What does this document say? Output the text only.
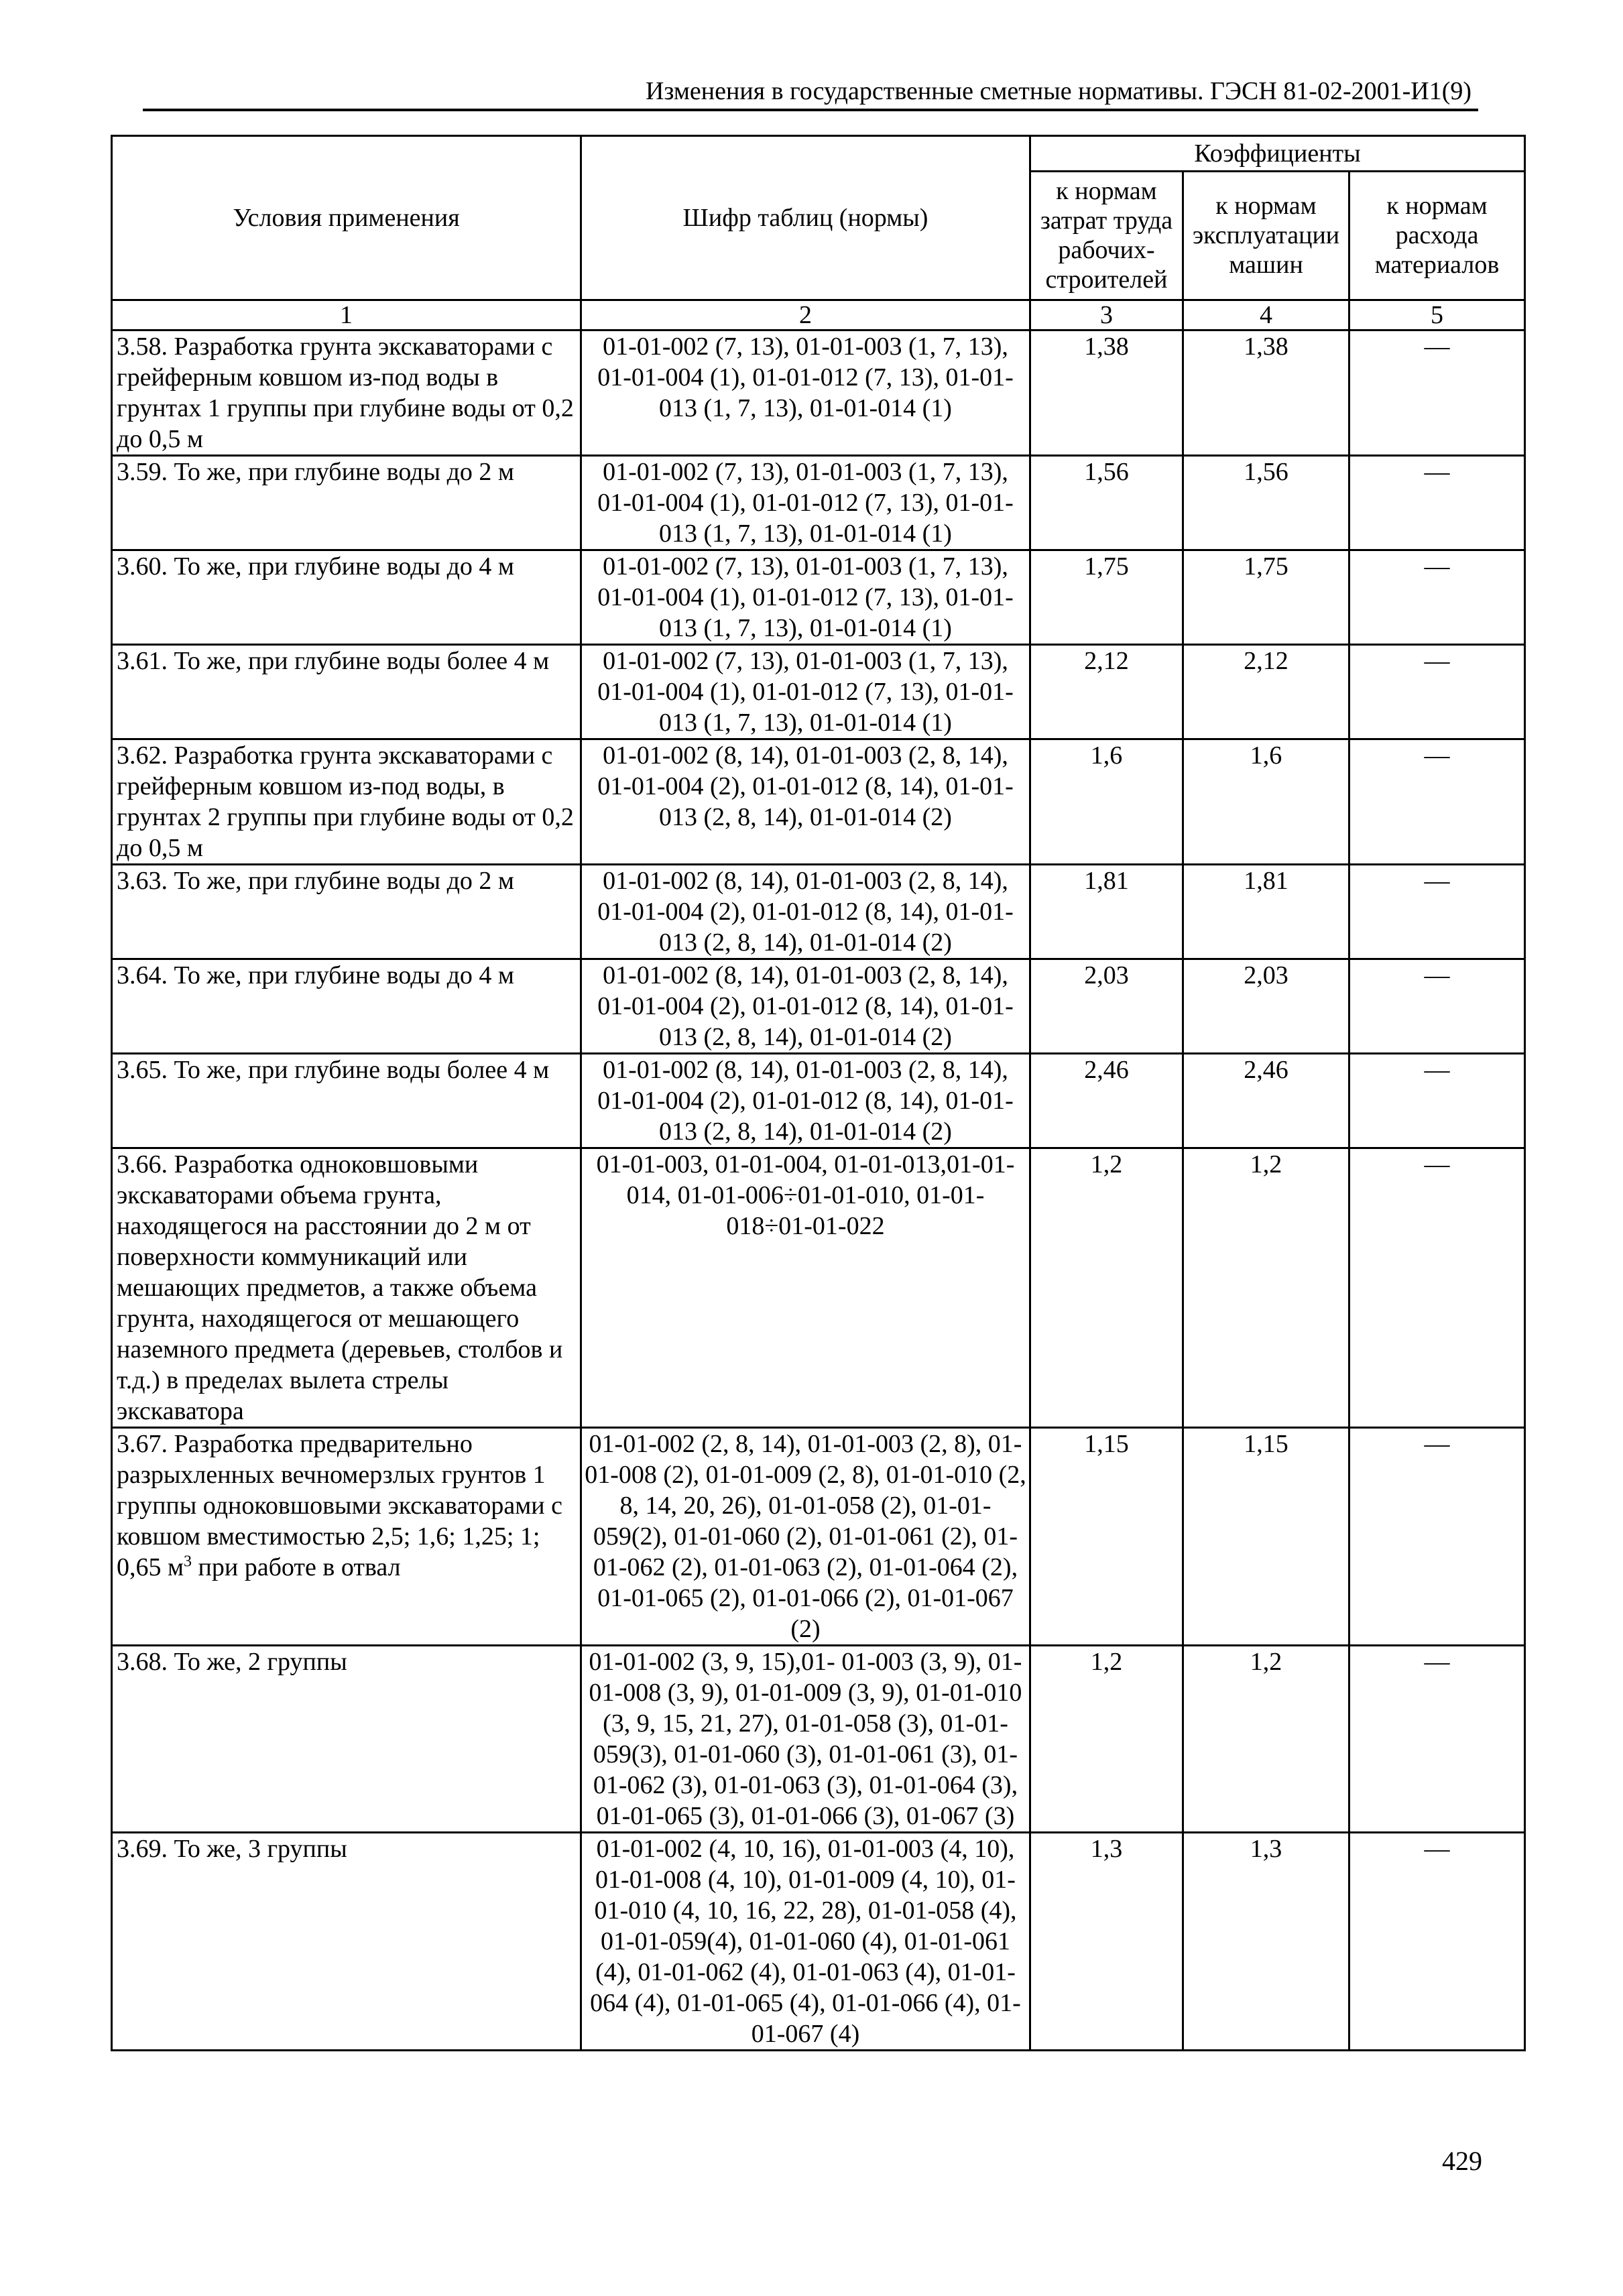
Изменения в государственные сметные нормативы. ГЭСН 81-02-2001-И1(9)
Условия применения	Шифр таблиц (нормы)	Коэффициенты		
		к нормам затрат труда рабочих-строителей	к нормам эксплуатации машин	к нормам расхода материалов
1	2	3	4	5
3.58. Разработка грунта экскаваторами с грейферным ковшом из-под воды в грунтах 1 группы при глубине воды от 0,2 до 0,5 м	01-01-002 (7, 13), 01-01-003 (1, 7, 13), 01-01-004 (1), 01-01-012 (7, 13), 01-01-013 (1, 7, 13), 01-01-014 (1)	1,38	1,38	—
3.59. То же, при глубине воды до 2 м	01-01-002 (7, 13), 01-01-003 (1, 7, 13), 01-01-004 (1), 01-01-012 (7, 13), 01-01-013 (1, 7, 13), 01-01-014 (1)	1,56	1,56	—
3.60. То же, при глубине воды до 4 м	01-01-002 (7, 13), 01-01-003 (1, 7, 13), 01-01-004 (1), 01-01-012 (7, 13), 01-01-013 (1, 7, 13), 01-01-014 (1)	1,75	1,75	—
3.61. То же, при глубине воды более 4 м	01-01-002 (7, 13), 01-01-003 (1, 7, 13), 01-01-004 (1), 01-01-012 (7, 13), 01-01-013 (1, 7, 13), 01-01-014 (1)	2,12	2,12	—
3.62. Разработка грунта экскаваторами с грейферным ковшом из-под воды, в грунтах 2 группы при глубине воды от 0,2 до 0,5 м	01-01-002 (8, 14), 01-01-003 (2, 8, 14), 01-01-004 (2), 01-01-012 (8, 14), 01-01-013 (2, 8, 14), 01-01-014 (2)	1,6	1,6	—
3.63. То же, при глубине воды до 2 м	01-01-002 (8, 14), 01-01-003 (2, 8, 14), 01-01-004 (2), 01-01-012 (8, 14), 01-01-013 (2, 8, 14), 01-01-014 (2)	1,81	1,81	—
3.64. То же, при глубине воды до 4 м	01-01-002 (8, 14), 01-01-003 (2, 8, 14), 01-01-004 (2), 01-01-012 (8, 14), 01-01-013 (2, 8, 14), 01-01-014 (2)	2,03	2,03	—
3.65. То же, при глубине воды более 4 м	01-01-002 (8, 14), 01-01-003 (2, 8, 14), 01-01-004 (2), 01-01-012 (8, 14), 01-01-013 (2, 8, 14), 01-01-014 (2)	2,46	2,46	—
3.66. Разработка одноковшовыми экскаваторами объема грунта, находящегося на расстоянии до 2 м от поверхности коммуникаций или мешающих предметов, а также объема грунта, находящегося от мешающего наземного предмета (деревьев, столбов и т.д.) в пределах вылета стрелы экскаватора	01-01-003, 01-01-004, 01-01-013,01-01-014, 01-01-006÷01-01-010, 01-01-018÷01-01-022	1,2	1,2	—
3.67. Разработка предварительно разрыхленных вечномерзлых грунтов 1 группы одноковшовыми экскаваторами с ковшом вместимостью 2,5; 1,6; 1,25; 1; 0,65 $м^3$ при работе в отвал	01-01-002 (2, 8, 14), 01-01-003 (2, 8), 01-01-008 (2), 01-01-009 (2, 8), 01-01-010 (2, 8, 14, 20, 26), 01-01-058 (2), 01-01-059(2), 01-01-060 (2), 01-01-061 (2), 01-01-062 (2), 01-01-063 (2), 01-01-064 (2), 01-01-065 (2), 01-01-066 (2), 01-01-067 (2)	1,15	1,15	—
3.68. То же, 2 группы	01-01-002 (3, 9, 15),01- 01-003 (3, 9), 01-01-008 (3, 9), 01-01-009 (3, 9), 01-01-010 (3, 9, 15, 21, 27), 01-01-058 (3), 01-01-059(3), 01-01-060 (3), 01-01-061 (3), 01-01-062 (3), 01-01-063 (3), 01-01-064 (3), 01-01-065 (3), 01-01-066 (3), 01-067 (3)	1,2	1,2	—
3.69. То же, 3 группы	01-01-002 (4, 10, 16), 01-01-003 (4, 10), 01-01-008 (4, 10), 01-01-009 (4, 10), 01-01-010 (4, 10, 16, 22, 28), 01-01-058 (4), 01-01-059(4), 01-01-060 (4), 01-01-061 (4), 01-01-062 (4), 01-01-063 (4), 01-01-064 (4), 01-01-065 (4), 01-01-066 (4), 01-01-067 (4)	1,3	1,3	—
429
